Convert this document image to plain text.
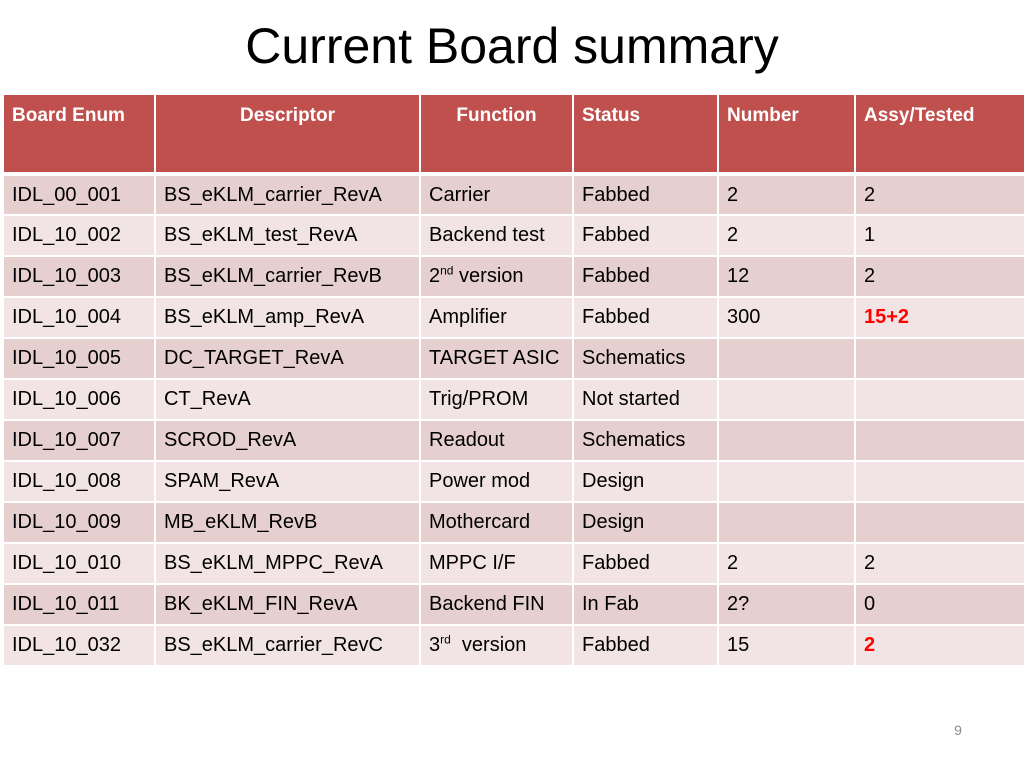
Current Board summary
Board Enum	Descriptor	Function	Status	Number	Assy/Tested
IDL_00_001	BS_eKLM_carrier_RevA	Carrier	Fabbed	2	2
IDL_10_002	BS_eKLM_test_RevA	Backend test	Fabbed	2	1
IDL_10_003	BS_eKLM_carrier_RevB	2nd version	Fabbed	12	2
IDL_10_004	BS_eKLM_amp_RevA	Amplifier	Fabbed	300	15+2
IDL_10_005	DC_TARGET_RevA	TARGET ASIC	Schematics		
IDL_10_006	CT_RevA	Trig/PROM	Not started		
IDL_10_007	SCROD_RevA	Readout	Schematics		
IDL_10_008	SPAM_RevA	Power mod	Design		
IDL_10_009	MB_eKLM_RevB	Mothercard	Design		
IDL_10_010	BS_eKLM_MPPC_RevA	MPPC I/F	Fabbed	2	2
IDL_10_011	BK_eKLM_FIN_RevA	Backend FIN	In Fab	2?	0
IDL_10_032	BS_eKLM_carrier_RevC	3rd  version	Fabbed	15	2
9
